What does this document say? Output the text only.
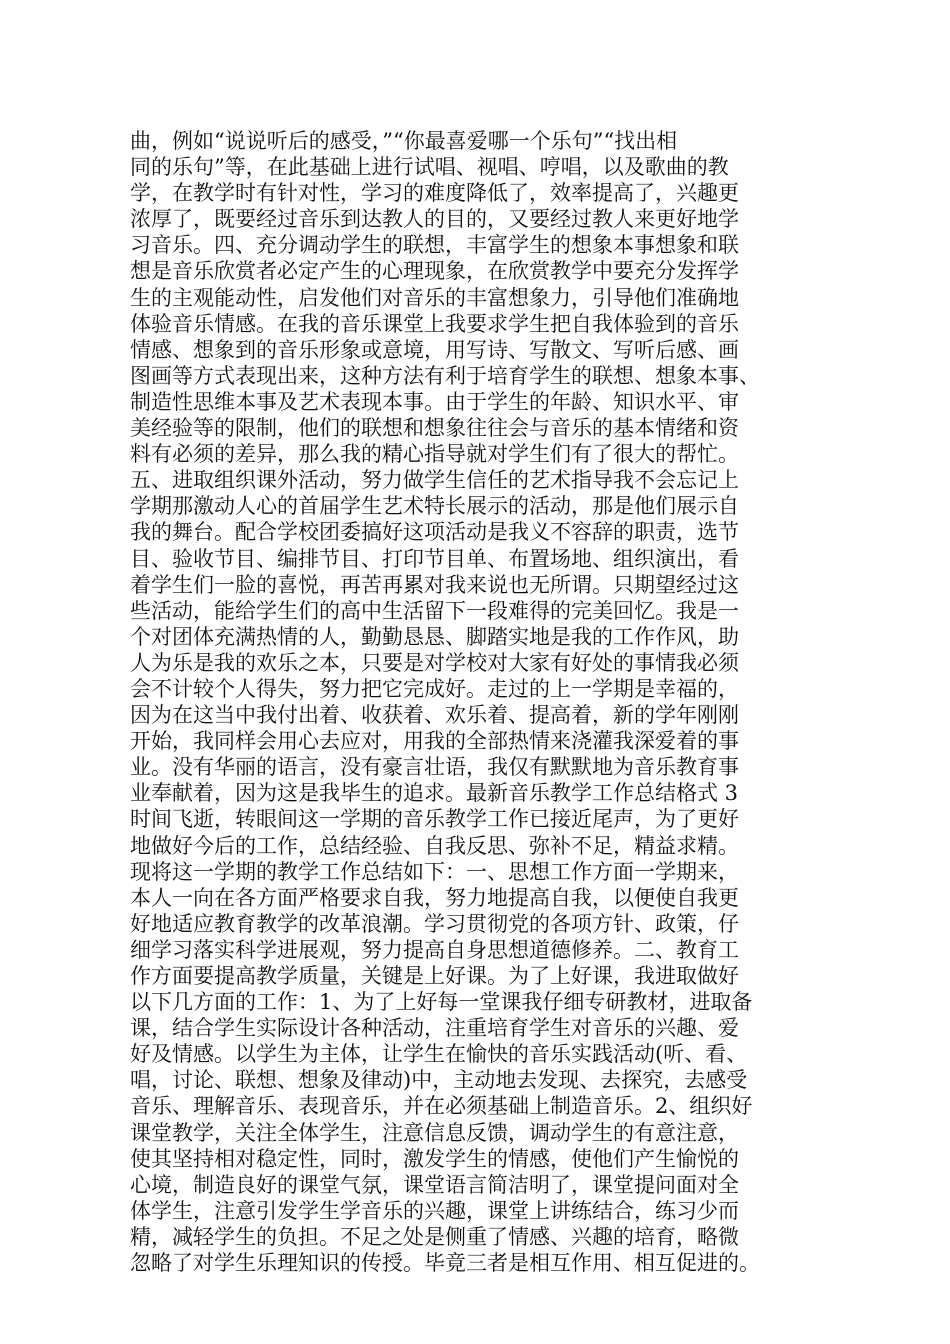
曲，例如“说说听后的感受，”“你最喜爱哪一个乐句”“找出相
同的乐句”等，在此基础上进行试唱、视唱、哼唱，以及歌曲的教
学，在教学时有针对性，学习的难度降低了，效率提高了，兴趣更
浓厚了，既要经过音乐到达教人的目的，又要经过教人来更好地学
习音乐。四、充分调动学生的联想，丰富学生的想象本事想象和联
想是音乐欣赏者必定产生的心理现象，在欣赏教学中要充分发挥学
生的主观能动性，启发他们对音乐的丰富想象力，引导他们准确地
体验音乐情感。在我的音乐课堂上我要求学生把自我体验到的音乐
情感、想象到的音乐形象或意境，用写诗、写散文、写听后感、画
图画等方式表现出来，这种方法有利于培育学生的联想、想象本事、
制造性思维本事及艺术表现本事。由于学生的年龄、知识水平、审
美经验等的限制，他们的联想和想象往往会与音乐的基本情绪和资
料有必须的差异，那么我的精心指导就对学生们有了很大的帮忙。
五、进取组织课外活动，努力做学生信任的艺术指导我不会忘记上
学期那激动人心的首届学生艺术特长展示的活动，那是他们展示自
我的舞台。配合学校团委搞好这项活动是我义不容辞的职责，选节
目、验收节目、编排节目、打印节目单、布置场地、组织演出，看
着学生们一脸的喜悦，再苦再累对我来说也无所谓。只期望经过这
些活动，能给学生们的高中生活留下一段难得的完美回忆。我是一
个对团体充满热情的人，勤勤恳恳、脚踏实地是我的工作作风，助
人为乐是我的欢乐之本，只要是对学校对大家有好处的事情我必须
会不计较个人得失，努力把它完成好。走过的上一学期是幸福的，
因为在这当中我付出着、收获着、欢乐着、提高着，新的学年刚刚
开始，我同样会用心去应对，用我的全部热情来浇灌我深爱着的事
业。没有华丽的语言，没有豪言壮语，我仅有默默地为音乐教育事
业奉献着，因为这是我毕生的追求。最新音乐教学工作总结格式 3
时间飞逝，转眼间这一学期的音乐教学工作已接近尾声，为了更好
地做好今后的工作，总结经验、自我反思、弥补不足，精益求精。
现将这一学期的教学工作总结如下：一、思想工作方面一学期来，
本人一向在各方面严格要求自我，努力地提高自我，以便使自我更
好地适应教育教学的改革浪潮。学习贯彻党的各项方针、政策，仔
细学习落实科学进展观，努力提高自身思想道德修养。二、教育工
作方面要提高教学质量，关键是上好课。为了上好课，我进取做好
以下几方面的工作：1、为了上好每一堂课我仔细专研教材，进取备
课，结合学生实际设计各种活动，注重培育学生对音乐的兴趣、爱
好及情感。以学生为主体，让学生在愉快的音乐实践活动(听、看、
唱，讨论、联想、想象及律动)中，主动地去发现、去探究，去感受
音乐、理解音乐、表现音乐，并在必须基础上制造音乐。2、组织好
课堂教学，关注全体学生，注意信息反馈，调动学生的有意注意，
使其坚持相对稳定性，同时，激发学生的情感，使他们产生愉悦的
心境，制造良好的课堂气氛，课堂语言简洁明了，课堂提问面对全
体学生，注意引发学生学音乐的兴趣，课堂上讲练结合，练习少而
精，减轻学生的负担。不足之处是侧重了情感、兴趣的培育，略微
忽略了对学生乐理知识的传授。毕竟三者是相互作用、相互促进的。
